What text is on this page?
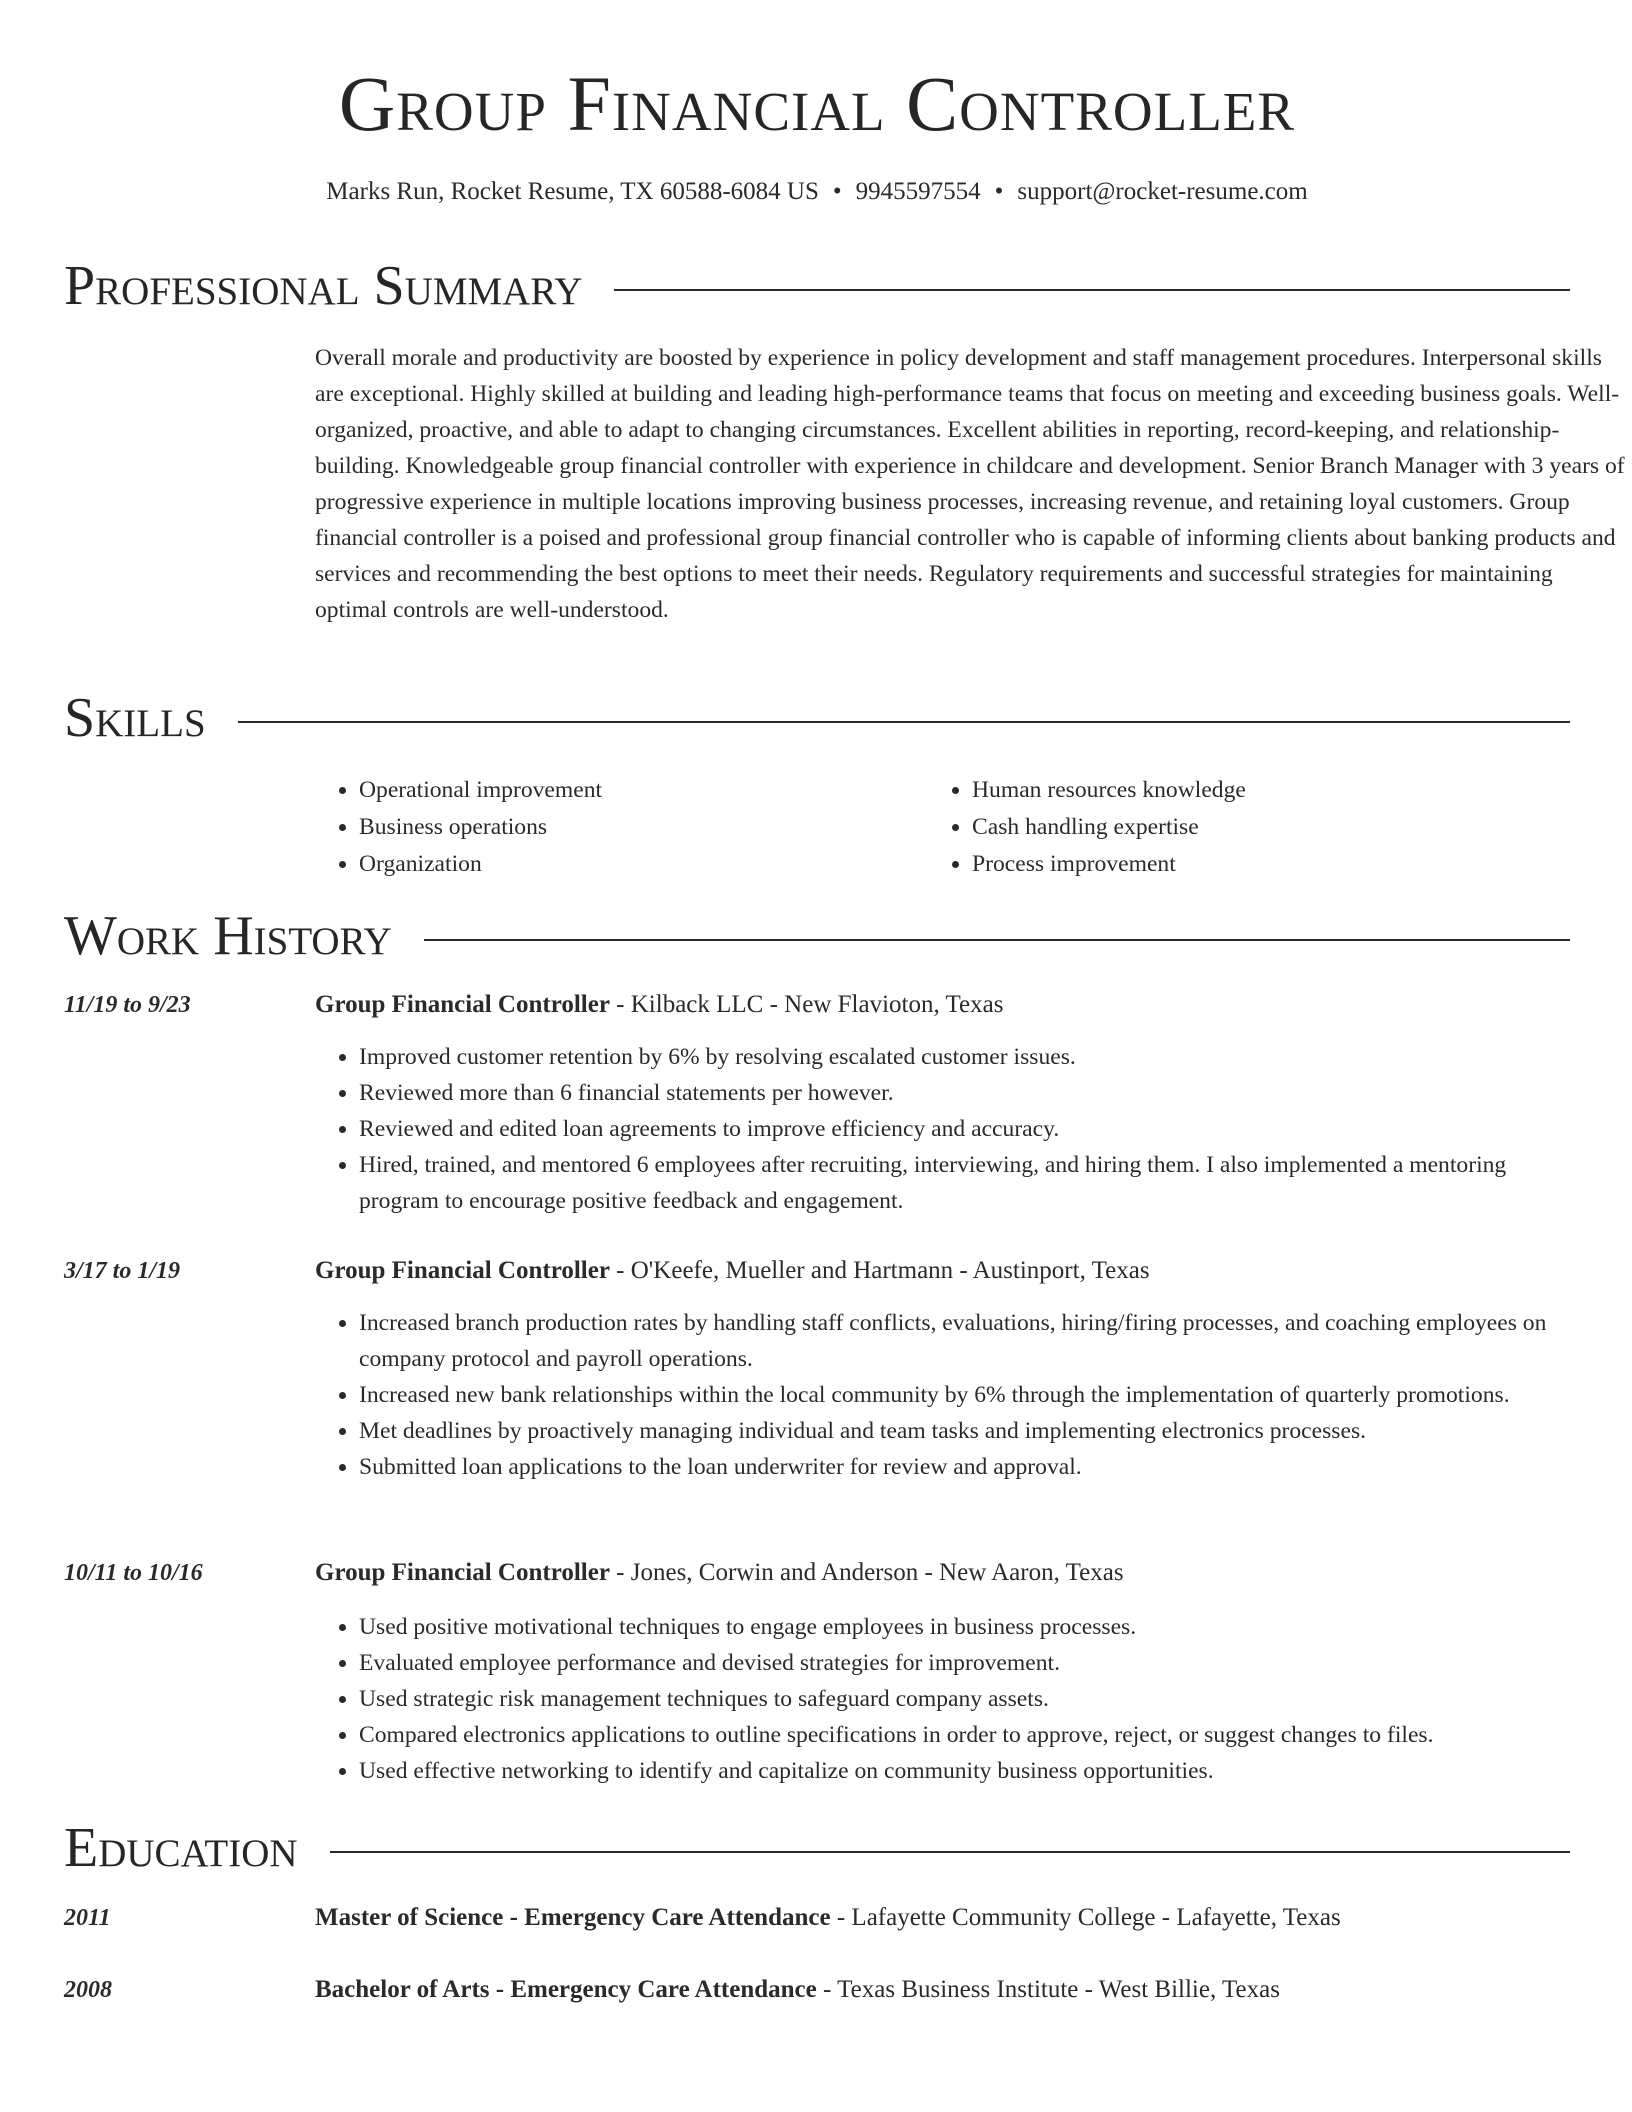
Group Financial Controller
Marks Run, Rocket Resume, TX 60588-6084 US • 9945597554 • support@rocket-resume.com
Professional Summary

Overall morale and productivity are boosted by experience in policy development and staff management procedures. Interpersonal skills are exceptional. Highly skilled at building and leading high-performance teams that focus on meeting and exceeding business goals. Well-organized, proactive, and able to adapt to changing circumstances. Excellent abilities in reporting, record-keeping, and relationship-building. Knowledgeable group financial controller with experience in childcare and development. Senior Branch Manager with 3 years of progressive experience in multiple locations improving business processes, increasing revenue, and retaining loyal customers. Group financial controller is a poised and professional group financial controller who is capable of informing clients about banking products and services and recommending the best options to meet their needs. Regulatory requirements and successful strategies for maintaining optimal controls are well-understood.

Skills
• Operational improvement
• Business operations
• Organization
• Human resources knowledge
• Cash handling expertise
• Process improvement
Work History
11/19 to 9/23	Group Financial Controller - Kilback LLC - New Flavioton, Texas
• Improved customer retention by 6% by resolving escalated customer issues.
• Reviewed more than 6 financial statements per however.
• Reviewed and edited loan agreements to improve efficiency and accuracy.
• Hired, trained, and mentored 6 employees after recruiting, interviewing, and hiring them. I also implemented a mentoring program to encourage positive feedback and engagement.
3/17 to 1/19	Group Financial Controller - O'Keefe, Mueller and Hartmann - Austinport, Texas
• Increased branch production rates by handling staff conflicts, evaluations, hiring/firing processes, and coaching employees on company protocol and payroll operations.
• Increased new bank relationships within the local community by 6% through the implementation of quarterly promotions.
• Met deadlines by proactively managing individual and team tasks and implementing electronics processes.
• Submitted loan applications to the loan underwriter for review and approval.
10/11 to 10/16	Group Financial Controller - Jones, Corwin and Anderson - New Aaron, Texas
• Used positive motivational techniques to engage employees in business processes.
• Evaluated employee performance and devised strategies for improvement.
• Used strategic risk management techniques to safeguard company assets.
• Compared electronics applications to outline specifications in order to approve, reject, or suggest changes to files.
• Used effective networking to identify and capitalize on community business opportunities.
Education
2011	Master of Science - Emergency Care Attendance - Lafayette Community College - Lafayette, Texas
2008	Bachelor of Arts - Emergency Care Attendance - Texas Business Institute - West Billie, Texas
